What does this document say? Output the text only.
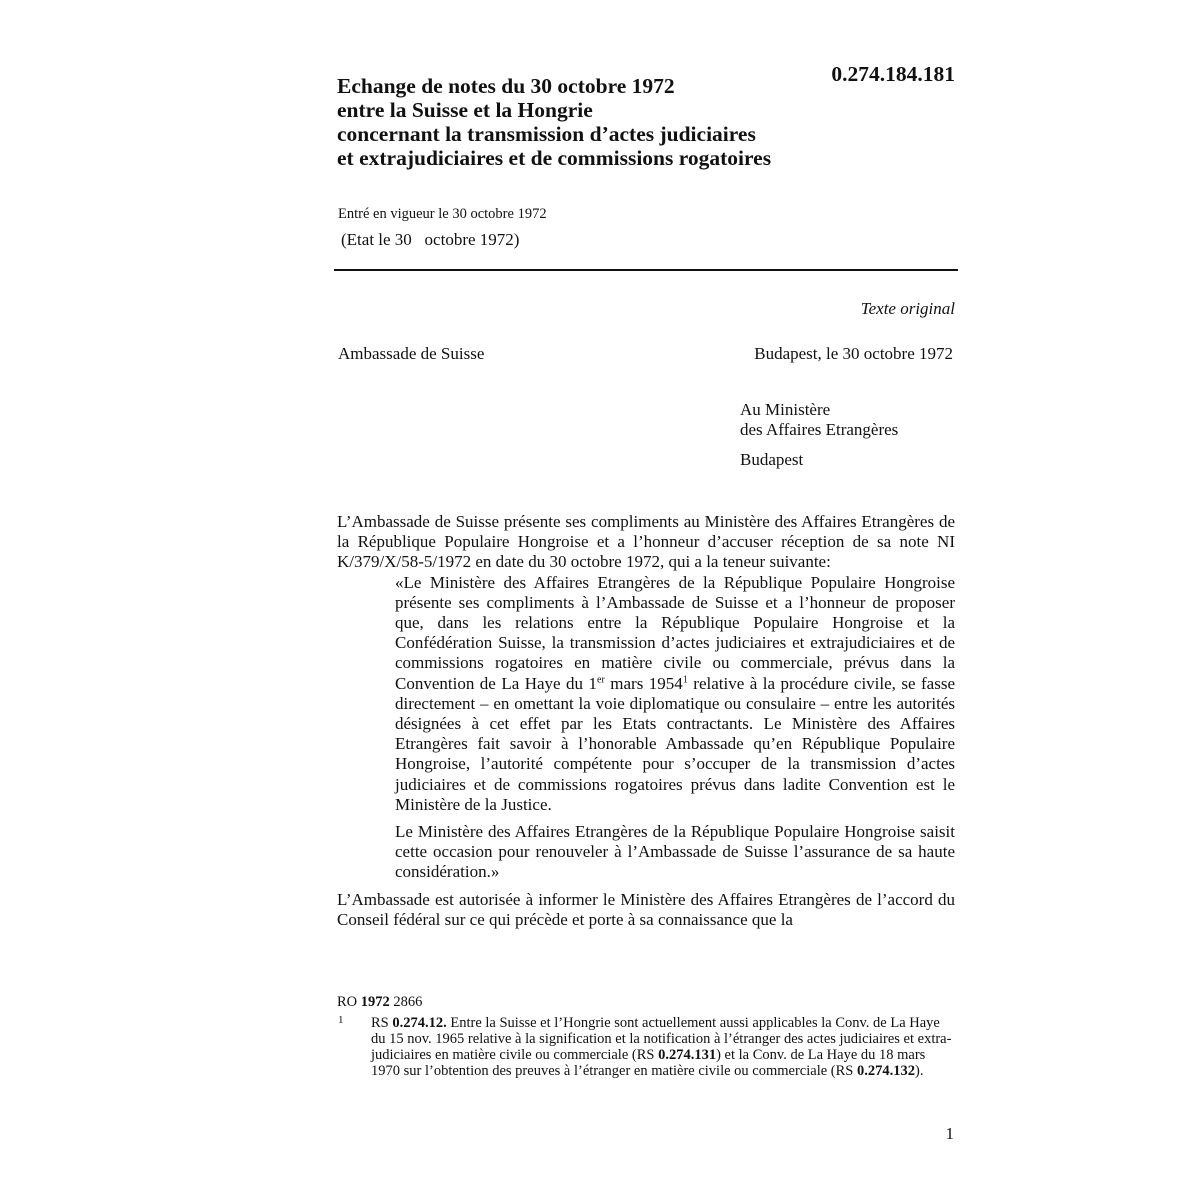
Echange de notes du 30 octobre 1972
entre la Suisse et la Hongrie
concernant la transmission d’actes judiciaires
et extrajudiciaires et de commissions rogatoires
0.274.184.181
Entré en vigueur le 30 octobre 1972
(Etat le 30   octobre 1972)
Texte original
Ambassade de Suisse	Budapest, le 30 octobre 1972
Au Ministère
des Affaires Etrangères
Budapest

L’Ambassade de Suisse présente ses compliments au Ministère des Affaires Etrangères de la République Populaire Hongroise et a l’honneur d’accuser réception de sa note NI K/379/X/58-5/1972 en date du 30 octobre 1972, qui a la teneur suivante:

«Le Ministère des Affaires Etrangères de la République Populaire Hongroise présente ses compliments à l’Ambassade de Suisse et a l’honneur de proposer que, dans les relations entre la République Populaire Hongroise et la Confédération Suisse, la transmission d’actes judiciaires et extrajudiciaires et de commissions rogatoires en matière civile ou commerciale, prévus dans la Convention de La Haye du 1er mars 1954$^1$ relative à la procédure civile, se fasse directement – en omettant la voie diplomatique ou consulaire – entre les autorités désignées à cet effet par les Etats contractants. Le Ministère des Affaires Etrangères fait savoir à l’honorable Ambassade qu’en République Populaire Hongroise, l’autorité compétente pour s’occuper de la transmission d’actes judiciaires et de commissions rogatoires prévus dans ladite Convention est le Ministère de la Justice.

Le Ministère des Affaires Etrangères de la République Populaire Hongroise saisit cette occasion pour renouveler à l’Ambassade de Suisse l’assurance de sa haute considération.»

L’Ambassade est autorisée à informer le Ministère des Affaires Etrangères de l’accord du Conseil fédéral sur ce qui précède et porte à sa connaissance que la

RO 1972 2866
1 RS 0.274.12. Entre la Suisse et l’Hongrie sont actuellement aussi applicables la Conv. de La Haye du 15 nov. 1965 relative à la signification et la notification à l’étranger des actes judiciaires et extra-judiciaires en matière civile ou commerciale (RS 0.274.131) et la Conv. de La Haye du 18 mars 1970 sur l’obtention des preuves à l’étranger en matière civile ou commerciale (RS 0.274.132).
1
